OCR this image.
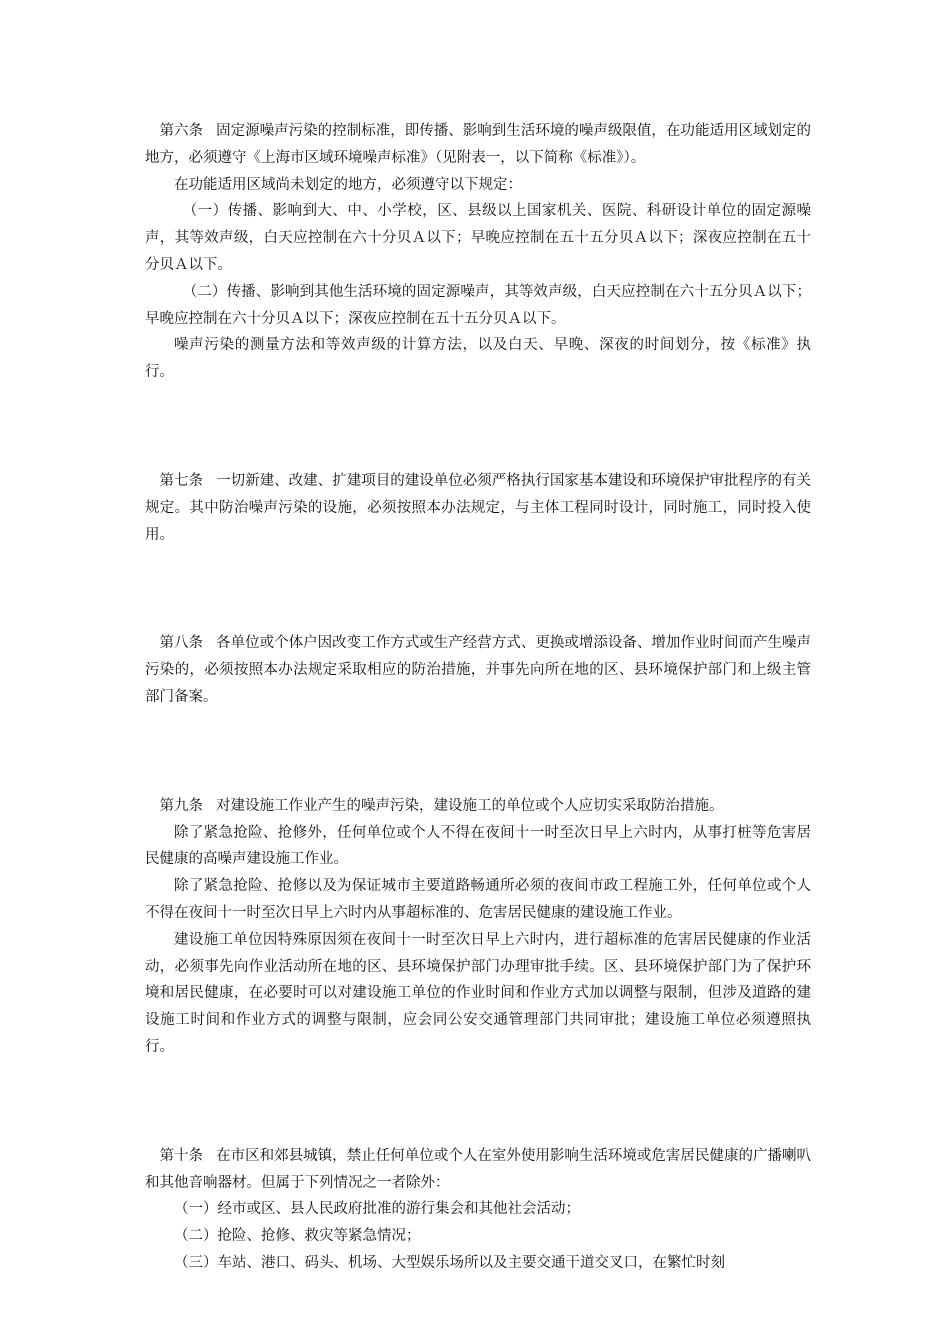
第六条 固定源噪声污染的控制标准，即传播、影响到生活环境的噪声级限值，在功能适用区域划定的地方，必须遵守《上海市区域环境噪声标准》（见附表一，以下简称《标准》）。

在功能适用区域尚未划定的地方，必须遵守以下规定：

（一）传播、影响到大、中、小学校，区、县级以上国家机关、医院、科研设计单位的固定源噪声，其等效声级，白天应控制在六十分贝Ａ以下；早晚应控制在五十五分贝Ａ以下；深夜应控制在五十分贝Ａ以下。

（二）传播、影响到其他生活环境的固定源噪声，其等效声级，白天应控制在六十五分贝Ａ以下；早晚应控制在六十分贝Ａ以下；深夜应控制在五十五分贝Ａ以下。

噪声污染的测量方法和等效声级的计算方法，以及白天、早晚、深夜的时间划分，按《标准》执行。

第七条 一切新建、改建、扩建项目的建设单位必须严格执行国家基本建设和环境保护审批程序的有关规定。其中防治噪声污染的设施，必须按照本办法规定，与主体工程同时设计，同时施工，同时投入使用。

第八条 各单位或个体户因改变工作方式或生产经营方式、更换或增添设备、增加作业时间而产生噪声污染的，必须按照本办法规定采取相应的防治措施，并事先向所在地的区、县环境保护部门和上级主管部门备案。

第九条 对建设施工作业产生的噪声污染，建设施工的单位或个人应切实采取防治措施。

除了紧急抢险、抢修外，任何单位或个人不得在夜间十一时至次日早上六时内，从事打桩等危害居民健康的高噪声建设施工作业。

除了紧急抢险、抢修以及为保证城市主要道路畅通所必须的夜间市政工程施工外，任何单位或个人不得在夜间十一时至次日早上六时内从事超标准的、危害居民健康的建设施工作业。

建设施工单位因特殊原因须在夜间十一时至次日早上六时内，进行超标准的危害居民健康的作业活动，必须事先向作业活动所在地的区、县环境保护部门办理审批手续。区、县环境保护部门为了保护环境和居民健康，在必要时可以对建设施工单位的作业时间和作业方式加以调整与限制，但涉及道路的建设施工时间和作业方式的调整与限制，应会同公安交通管理部门共同审批；建设施工单位必须遵照执行。

第十条 在市区和郊县城镇，禁止任何单位或个人在室外使用影响生活环境或危害居民健康的广播喇叭和其他音响器材。但属于下列情况之一者除外：

（一）经市或区、县人民政府批准的游行集会和其他社会活动；

（二）抢险、抢修、救灾等紧急情况；

（三）车站、港口、码头、机场、大型娱乐场所以及主要交通干道交叉口，在繁忙时刻
